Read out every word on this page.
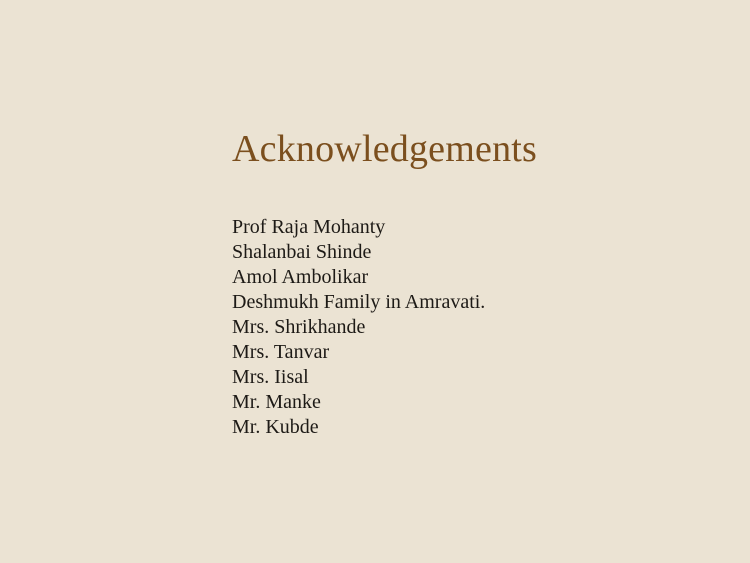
Acknowledgements
Prof Raja Mohanty
Shalanbai Shinde
Amol Ambolikar
Deshmukh Family in Amravati.
Mrs. Shrikhande
Mrs. Tanvar
Mrs. Iisal
Mr. Manke
Mr. Kubde
